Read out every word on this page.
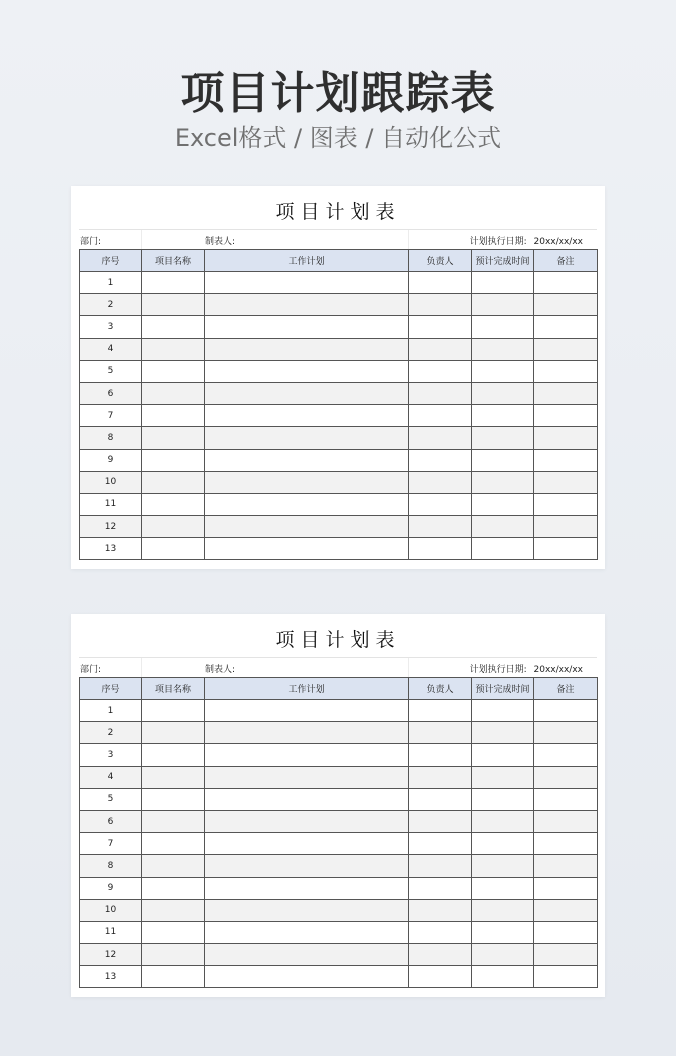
项目计划跟踪表
Excel格式 / 图表 / 自动化公式
项目计划表
部门:	制表人:	计划执行日期: 20xx/xx/xx
序号	项目名称	工作计划	负责人	预计完成时间	备注
1					
2					
3					
4					
5					
6					
7					
8					
9					
10					
11					
12					
13					
项目计划表
部门:	制表人:	计划执行日期: 20xx/xx/xx
序号	项目名称	工作计划	负责人	预计完成时间	备注
1					
2					
3					
4					
5					
6					
7					
8					
9					
10					
11					
12					
13					
